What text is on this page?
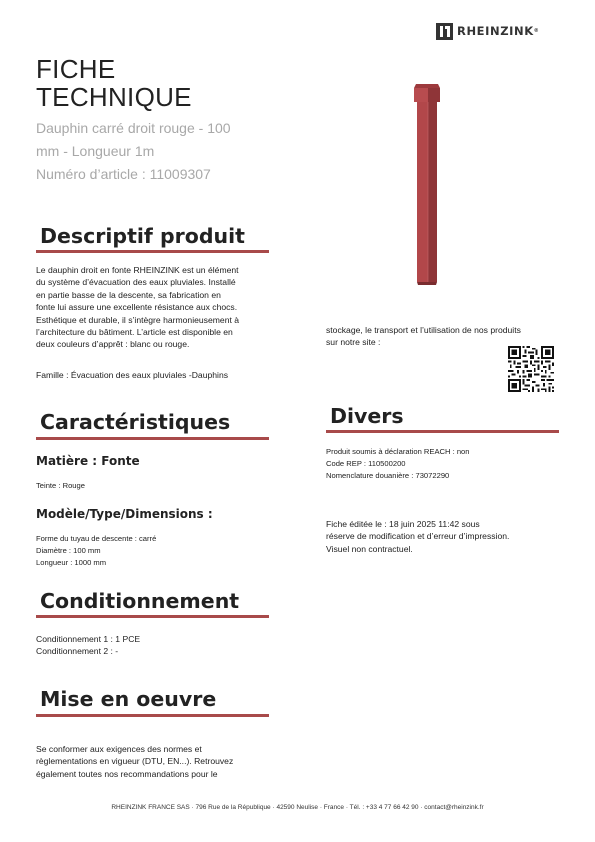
RHEINZINK ®
FICHE
TECHNIQUE
Dauphin carré droit rouge - 100
mm - Longueur 1m
Numéro d’article : 11009307
Descriptif produit
Le dauphin droit en fonte RHEINZINK est un élément
du système d’évacuation des eaux pluviales. Installé
en partie basse de la descente, sa fabrication en
fonte lui assure une excellente résistance aux chocs.
Esthétique et durable, il s’intègre harmonieusement à
l’architecture du bâtiment. L’article est disponible en
deux couleurs d’apprêt : blanc ou rouge.
Famille : Évacuation des eaux pluviales -Dauphins
Caractéristiques
Matière : Fonte
Teinte : Rouge
Modèle/Type/Dimensions :
Forme du tuyau de descente : carré
Diamètre : 100 mm
Longueur : 1000 mm
Conditionnement
Conditionnement 1 : 1 PCE
Conditionnement 2 : -
Mise en oeuvre
Se conformer aux exigences des normes et
règlementations en vigueur (DTU, EN...). Retrouvez
également toutes nos recommandations pour le
stockage, le transport et l’utilisation de nos produits
sur notre site :
Divers
Produit soumis à déclaration REACH : non
Code REP : 110500200
Nomenclature douanière : 73072290
Fiche éditée le : 18 juin 2025 11:42 sous
réserve de modification et d’erreur d’impression.
Visuel non contractuel.
RHEINZINK FRANCE SAS · 796 Rue de la République · 42590 Neulise · France · Tél. : +33 4 77 66 42 90 · contact@rheinzink.fr
